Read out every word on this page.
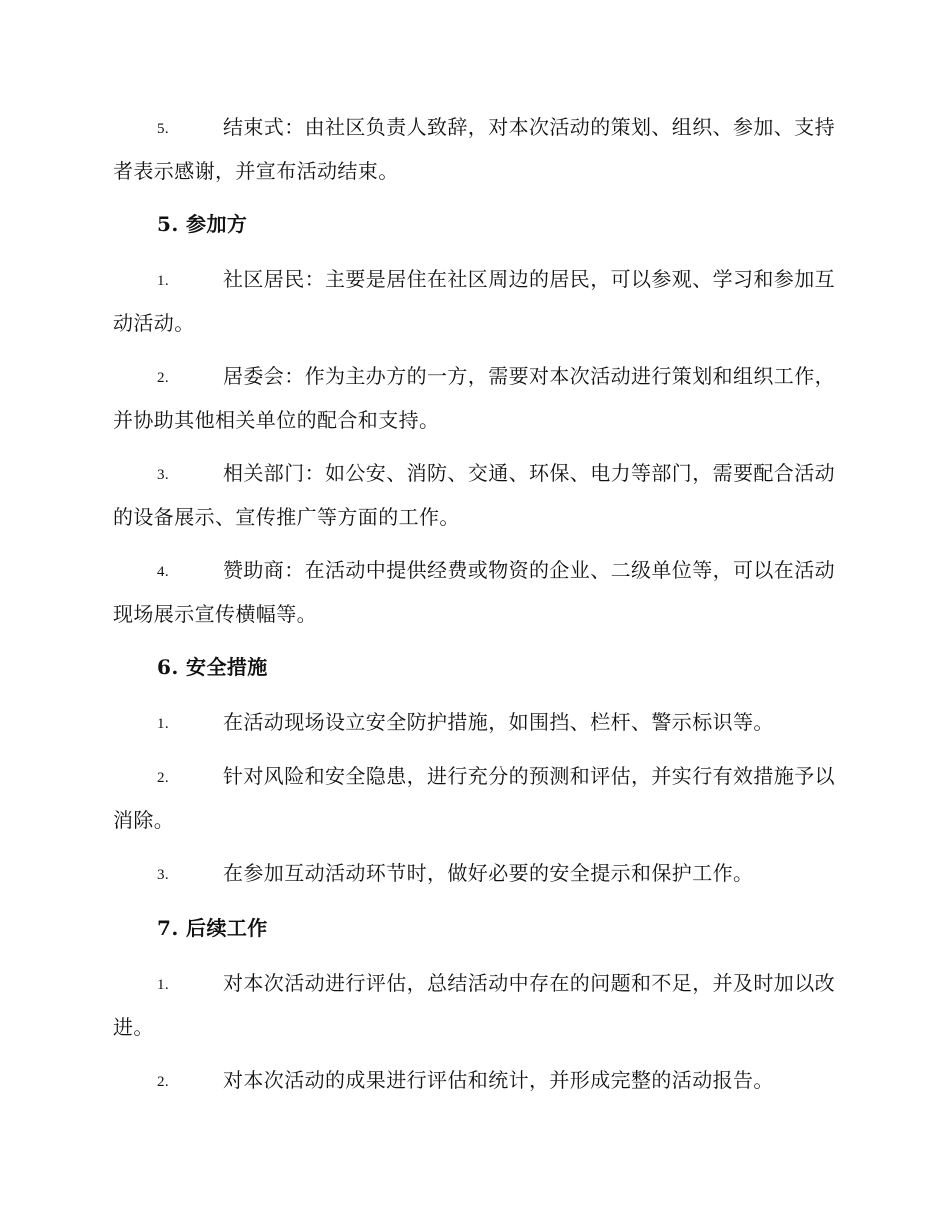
5.	结束式：由社区负责人致辞，对本次活动的策划、组织、参加、支持者表示感谢，并宣布活动结束。

5. 参加方

1.	社区居民：主要是居住在社区周边的居民，可以参观、学习和参加互动活动。

2.	居委会：作为主办方的一方，需要对本次活动进行策划和组织工作，并协助其他相关单位的配合和支持。

3.	相关部门：如公安、消防、交通、环保、电力等部门，需要配合活动的设备展示、宣传推广等方面的工作。

4.	赞助商：在活动中提供经费或物资的企业、二级单位等，可以在活动现场展示宣传横幅等。

6. 安全措施

1.	在活动现场设立安全防护措施，如围挡、栏杆、警示标识等。

2.	针对风险和安全隐患，进行充分的预测和评估，并实行有效措施予以消除。

3.	在参加互动活动环节时，做好必要的安全提示和保护工作。

7. 后续工作

1.	对本次活动进行评估，总结活动中存在的问题和不足，并及时加以改进。

2.	对本次活动的成果进行评估和统计，并形成完整的活动报告。
